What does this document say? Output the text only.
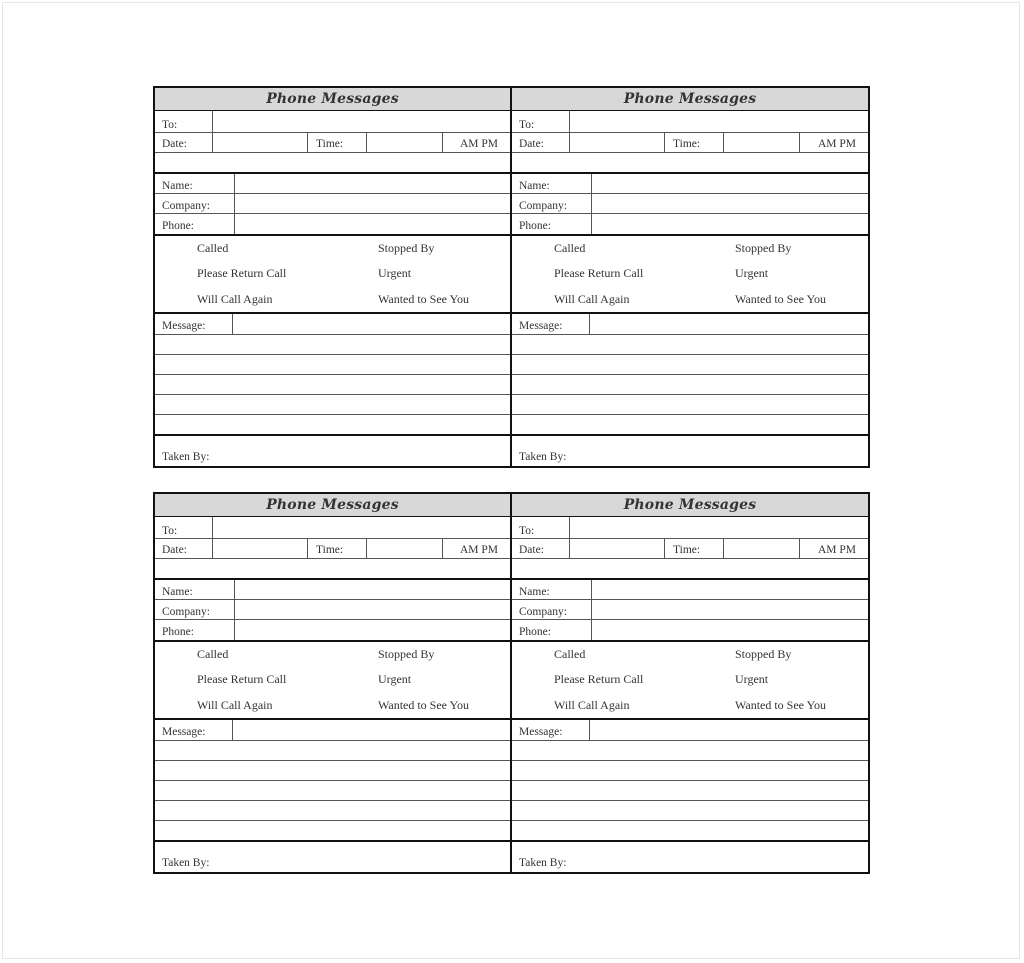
Phone Messages
To:
Date:	Time:	AM PM
Name:
Company:
Phone:
Called	Stopped By
Please Return Call	Urgent
Will Call Again	Wanted to See You
Message:
Taken By:
Phone Messages
To:
Date:	Time:	AM PM
Name:
Company:
Phone:
Called	Stopped By
Please Return Call	Urgent
Will Call Again	Wanted to See You
Message:
Taken By:
Phone Messages
To:
Date:	Time:	AM PM
Name:
Company:
Phone:
Called	Stopped By
Please Return Call	Urgent
Will Call Again	Wanted to See You
Message:
Taken By:
Phone Messages
To:
Date:	Time:	AM PM
Name:
Company:
Phone:
Called	Stopped By
Please Return Call	Urgent
Will Call Again	Wanted to See You
Message:
Taken By:
